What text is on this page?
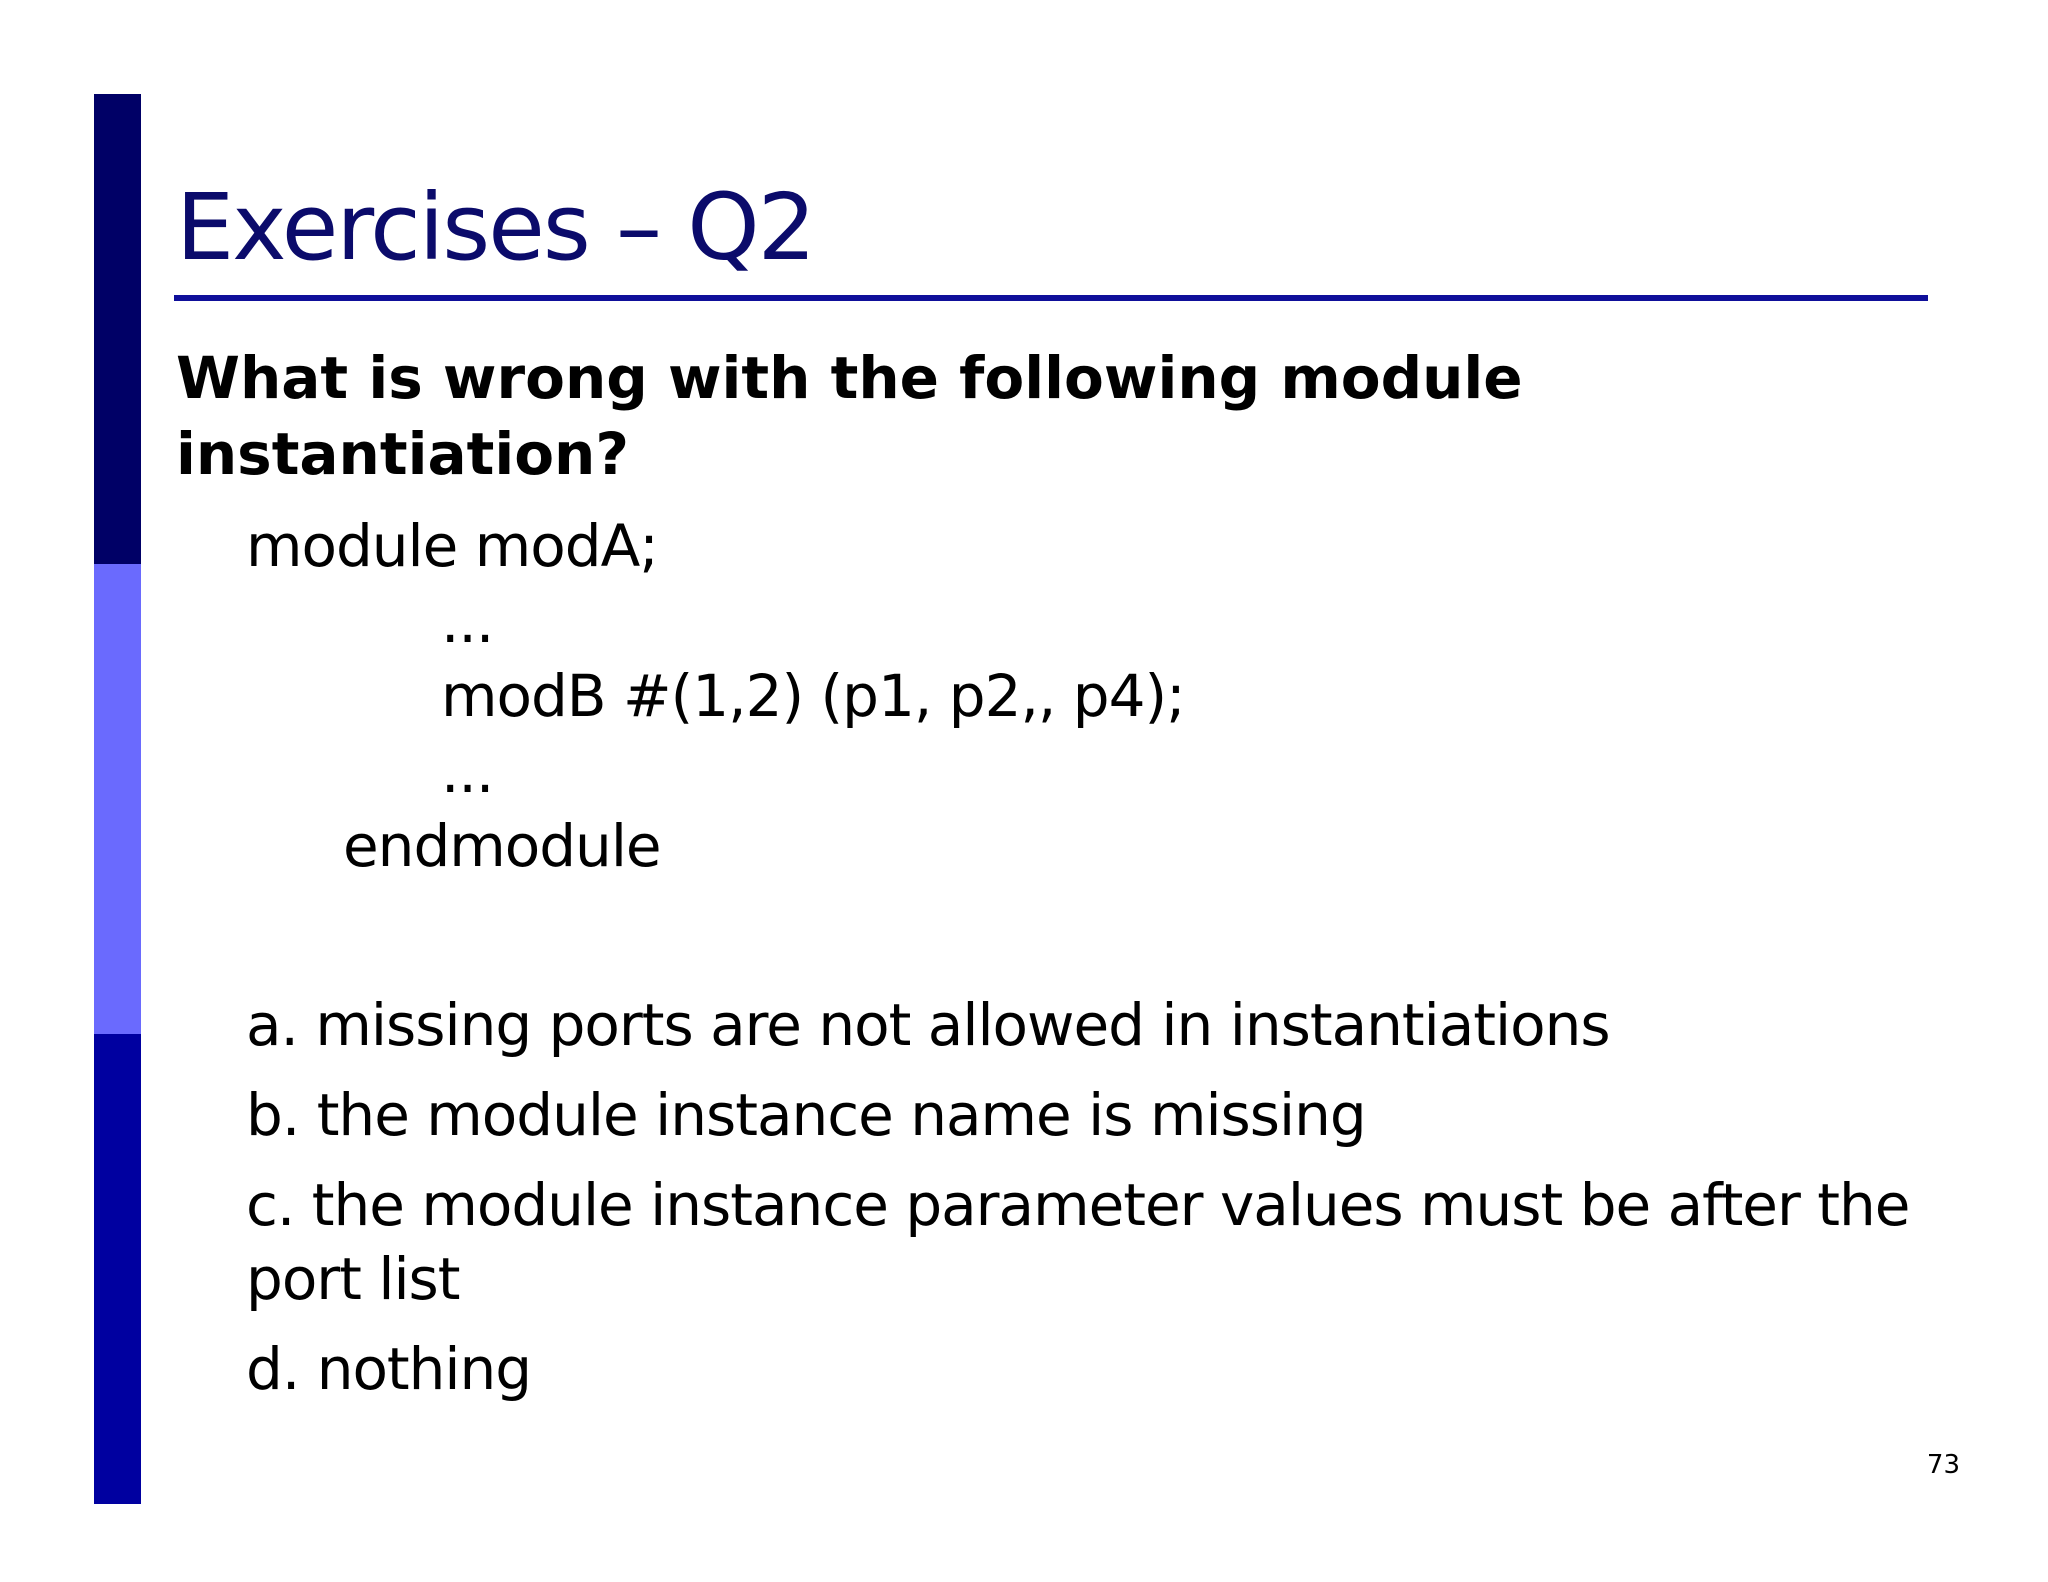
Exercises – Q2
What is wrong with the following module instantiation?
module modA;
...
modB #(1,2) (p1, p2,, p4);
...
endmodule
a. missing ports are not allowed in instantiations
b. the module instance name is missing
c. the module instance parameter values must be after the port list
d. nothing
73
